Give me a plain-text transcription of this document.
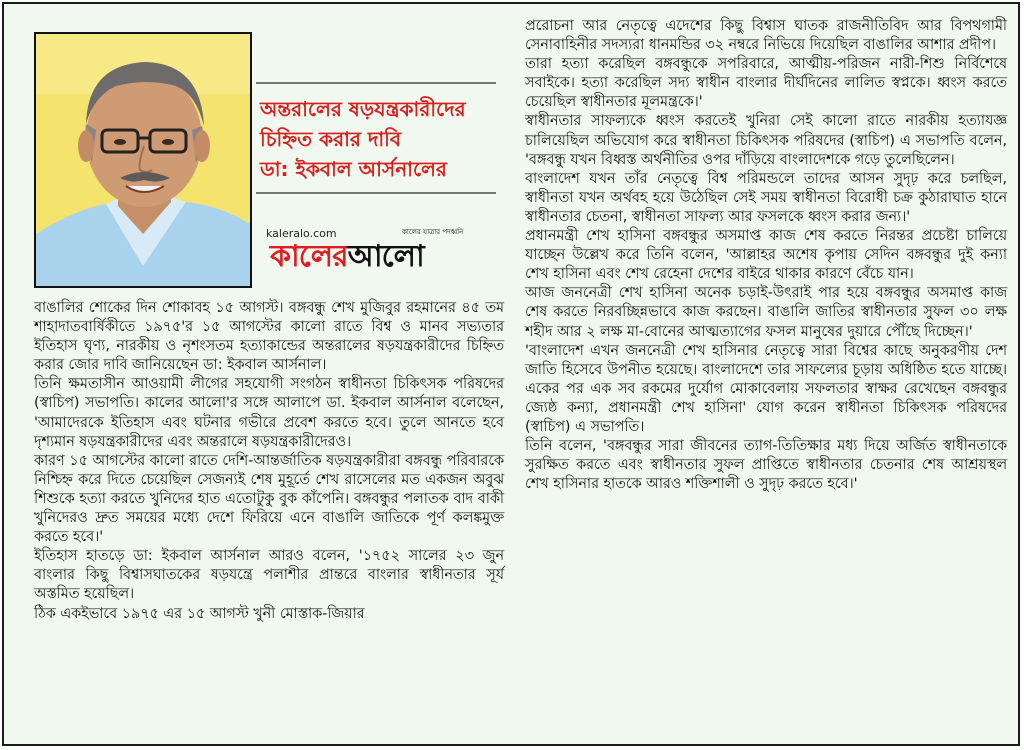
অন্তরালের ষড়যন্ত্রকারীদের
চিহ্নিত করার দাবি
ডা: ইকবাল আর্সনালের
kaleralo.com	কালের যাত্রার পদধ্বনি
কালেরআলো

বাঙালির শোকের দিন শোকাবহ ১৫ আগস্ট। বঙ্গবন্ধু শেখ মুজিবুর রহমানের ৪৫ তম শাহাদাতবার্ষিকীতে ১৯৭৫'র ১৫ আগস্টের কালো রাতে বিশ্ব ও মানব সভ্যতার ইতিহাস ঘৃণ্য, নারকীয় ও নৃশংসতম হত্যাকান্ডের অন্তরালের ষড়যন্ত্রকারীদের চিহ্নিত করার জোর দাবি জানিয়েছেন ডা: ইকবাল আর্সনাল।

তিনি ক্ষমতাসীন আওয়ামী লীগের সহযোগী সংগঠন স্বাধীনতা চিকিৎসক পরিষদের (স্বাচিপ) সভাপতি। কালের আলো'র সঙ্গে আলাপে ডা. ইকবাল আর্সনাল বলেছেন, 'আমাদেরকে ইতিহাস এবং ঘটনার গভীরে প্রবেশ করতে হবে। তুলে আনতে হবে দৃশ্যমান ষড়যন্ত্রকারীদের এবং অন্তরালে ষড়যন্ত্রকারীদেরও।

কারণ ১৫ আগস্টের কালো রাতে দেশি-আন্তর্জাতিক ষড়যন্ত্রকারীরা বঙ্গবন্ধু পরিবারকে নিশ্চিহ্ন করে দিতে চেয়েছিল সেজন্যই শেষ মুহূর্তে শেখ রাসেলের মত একজন অবুঝ শিশুকে হত্যা করতে খুনিদের হাত এতোটুকু বুক কাঁপেনি। বঙ্গবন্ধুর পলাতক বাদ বাকী খুনিদেরও দ্রুত সময়ের মধ্যে দেশে ফিরিয়ে এনে বাঙালি জাতিকে পূর্ণ কলঙ্কমুক্ত করতে হবে।'

ইতিহাস হাতড়ে ডা: ইকবাল আর্সনাল আরও বলেন, '১৭৫২ সালের ২৩ জুন বাংলার কিছু বিশ্বাসঘাতকের ষড়যন্ত্রে পলাশীর প্রান্তরে বাংলার স্বাধীনতার সূর্য অস্তমিত হয়েছিল।

ঠিক একইভাবে ১৯৭৫ এর ১৫ আগস্ট খুনী মোস্তাক-জিয়ার

প্ররোচনা আর নেতৃত্বে এদেশের কিছু বিশ্বাস ঘাতক রাজনীতিবিদ আর বিপথগামী সেনাবাহিনীর সদস্যরা ধানমন্ডির ৩২ নম্বরে নিভিয়ে দিয়েছিল বাঙালির আশার প্রদীপ।

তারা হত্যা করেছিল বঙ্গবন্ধুকে সপরিবারে, আত্মীয়-পরিজন নারী-শিশু নির্বিশেষে সবাইকে। হত্যা করেছিল সদ্য স্বাধীন বাংলার দীর্ঘদিনের লালিত স্বপ্নকে। ধ্বংস করতে চেয়েছিল স্বাধীনতার মূলমন্ত্রকে।'

স্বাধীনতার সাফল্যকে ধ্বংস করতেই খুনিরা সেই কালো রাতে নারকীয় হত্যাযজ্ঞ চালিয়েছিল অভিযোগ করে স্বাধীনতা চিকিৎসক পরিষদের (স্বাচিপ) এ সভাপতি বলেন, 'বঙ্গবন্ধু যখন বিধ্বস্ত অর্থনীতির ওপর দাঁড়িয়ে বাংলাদেশকে গড়ে তুলেছিলেন।

বাংলাদেশ যখন তাঁর নেতৃত্বে বিশ্ব পরিমন্ডলে তাদের আসন সুদৃঢ় করে চলছিল, স্বাধীনতা যখন অর্থবহ হয়ে উঠেছিল সেই সময় স্বাধীনতা বিরোধী চক্র কুঠারাঘাত হানে স্বাধীনতার চেতনা, স্বাধীনতা সাফল্য আর ফসলকে ধ্বংস করার জন্য।'

প্রধানমন্ত্রী শেখ হাসিনা বঙ্গবন্ধুর অসমাপ্ত কাজ শেষ করতে নিরন্তর প্রচেষ্টা চালিয়ে যাচ্ছেন উল্লেখ করে তিনি বলেন, 'আল্লাহর অশেষ কৃপায় সেদিন বঙ্গবন্ধুর দুই কন্যা শেখ হাসিনা এবং শেখ রেহেনা দেশের বাইরে থাকার কারণে বেঁচে যান।

আজ জননেত্রী শেখ হাসিনা অনেক চড়াই-উৎরাই পার হয়ে বঙ্গবন্ধুর অসমাপ্ত কাজ শেষ করতে নিরবচ্ছিন্নভাবে কাজ করছেন। বাঙালি জাতির স্বাধীনতার সুফল ৩০ লক্ষ শহীদ আর ২ লক্ষ মা-বোনের আত্মত্যাগের ফসল মানুষের দুয়ারে পৌঁছে দিচ্ছেন।'

'বাংলাদেশ এখন জননেত্রী শেখ হাসিনার নেতৃত্বে সারা বিশ্বের কাছে অনুকরণীয় দেশ জাতি হিসেবে উপনীত হয়েছে। বাংলাদেশে তার সাফল্যের চূড়ায় অধিষ্ঠিত হতে যাচ্ছে। একের পর এক সব রকমের দুর্যোগ মোকাবেলায় সফলতার স্বাক্ষর রেখেছেন বঙ্গবন্ধুর জ্যেষ্ঠ কন্যা, প্রধানমন্ত্রী শেখ হাসিনা' যোগ করেন স্বাধীনতা চিকিৎসক পরিষদের (স্বাচিপ) এ সভাপতি।

তিনি বলেন, 'বঙ্গবন্ধুর সারা জীবনের ত্যাগ-তিতিক্ষার মধ্য দিয়ে অর্জিত স্বাধীনতাকে সুরক্ষিত করতে এবং স্বাধীনতার সুফল প্রাপ্তিতে স্বাধীনতার চেতনার শেষ আশ্রয়স্থল শেখ হাসিনার হাতকে আরও শক্তিশালী ও সুদৃঢ় করতে হবে।'
